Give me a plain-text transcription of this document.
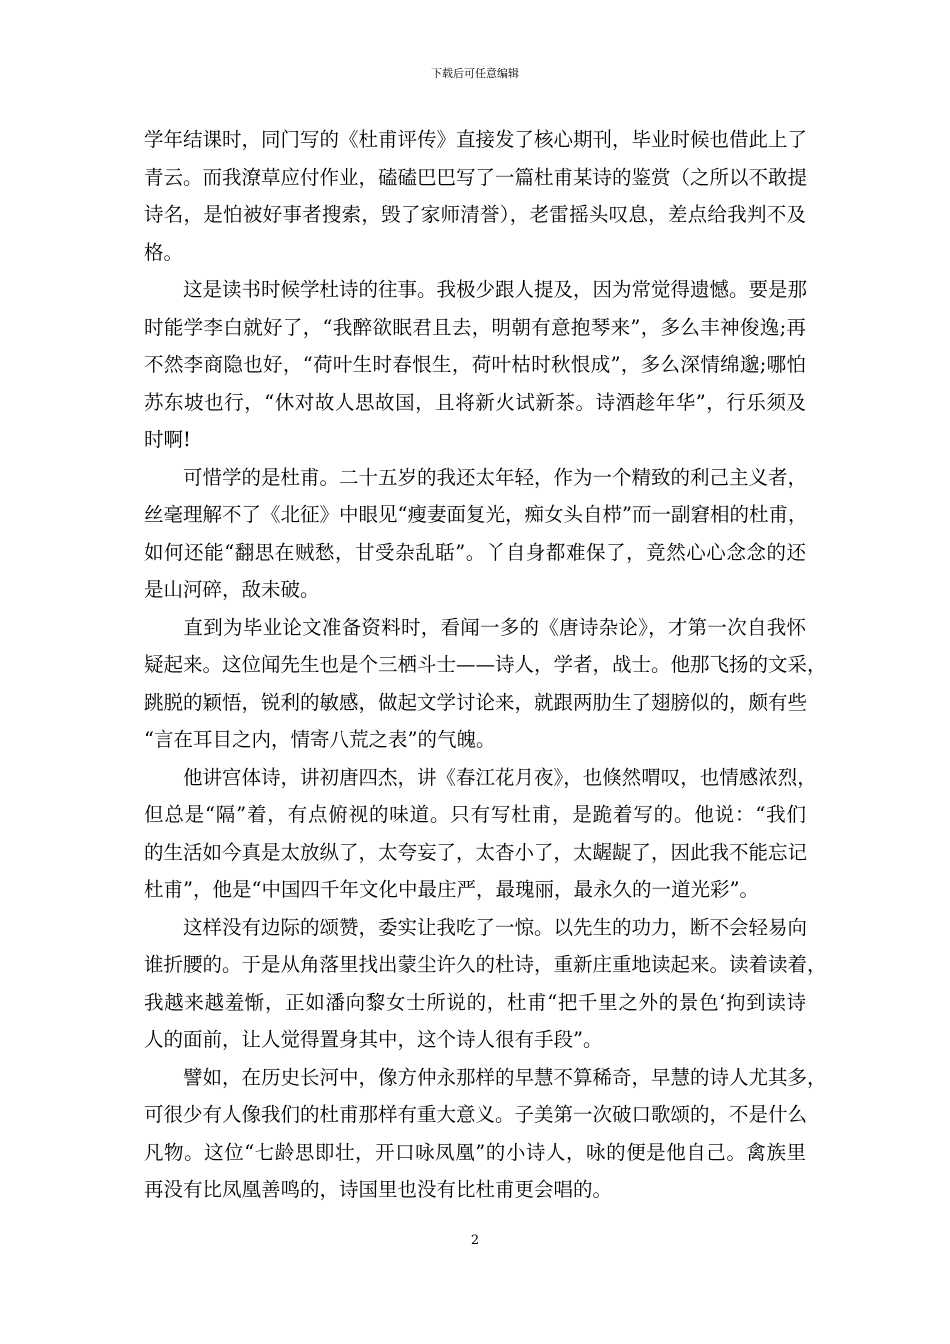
下载后可任意编辑
学年结课时，同门写的《杜甫评传》直接发了核心期刊，毕业时候也借此上了
青云。而我潦草应付作业，磕磕巴巴写了一篇杜甫某诗的鉴赏（之所以不敢提
诗名，是怕被好事者搜索，毁了家师清誉），老雷摇头叹息，差点给我判不及
格。
　　这是读书时候学杜诗的往事。我极少跟人提及，因为常觉得遗憾。要是那
时能学李白就好了，“我醉欲眠君且去，明朝有意抱琴来”，多么丰神俊逸;再
不然李商隐也好，“荷叶生时春恨生，荷叶枯时秋恨成”，多么深情绵邈;哪怕
苏东坡也行，“休对故人思故国，且将新火试新茶。诗酒趁年华”，行乐须及
时啊!
　　可惜学的是杜甫。二十五岁的我还太年轻，作为一个精致的利己主义者，
丝毫理解不了《北征》中眼见“瘦妻面复光，痴女头自栉”而一副窘相的杜甫，
如何还能“翻思在贼愁，甘受杂乱聒”。丫自身都难保了，竟然心心念念的还
是山河碎，敌未破。
　　直到为毕业论文准备资料时，看闻一多的《唐诗杂论》，才第一次自我怀
疑起来。这位闻先生也是个三栖斗士——诗人，学者，战士。他那飞扬的文采，
跳脱的颖悟，锐利的敏感，做起文学讨论来，就跟两肋生了翅膀似的，颇有些
“言在耳目之内，情寄八荒之表”的气魄。
　　他讲宫体诗，讲初唐四杰，讲《春江花月夜》，也倏然喟叹，也情感浓烈，
但总是“隔”着，有点俯视的味道。只有写杜甫，是跪着写的。他说：“我们
的生活如今真是太放纵了，太夸妄了，太杳小了，太龌龊了，因此我不能忘记
杜甫”，他是“中国四千年文化中最庄严，最瑰丽，最永久的一道光彩”。
　　这样没有边际的颂赞，委实让我吃了一惊。以先生的功力，断不会轻易向
谁折腰的。于是从角落里找出蒙尘许久的杜诗，重新庄重地读起来。读着读着，
我越来越羞惭，正如潘向黎女士所说的，杜甫“把千里之外的景色‘拘到读诗
人的面前，让人觉得置身其中，这个诗人很有手段”。
　　譬如，在历史长河中，像方仲永那样的早慧不算稀奇，早慧的诗人尤其多，
可很少有人像我们的杜甫那样有重大意义。子美第一次破口歌颂的，不是什么
凡物。这位“七龄思即壮，开口咏凤凰”的小诗人，咏的便是他自己。禽族里
再没有比凤凰善鸣的，诗国里也没有比杜甫更会唱的。
2
